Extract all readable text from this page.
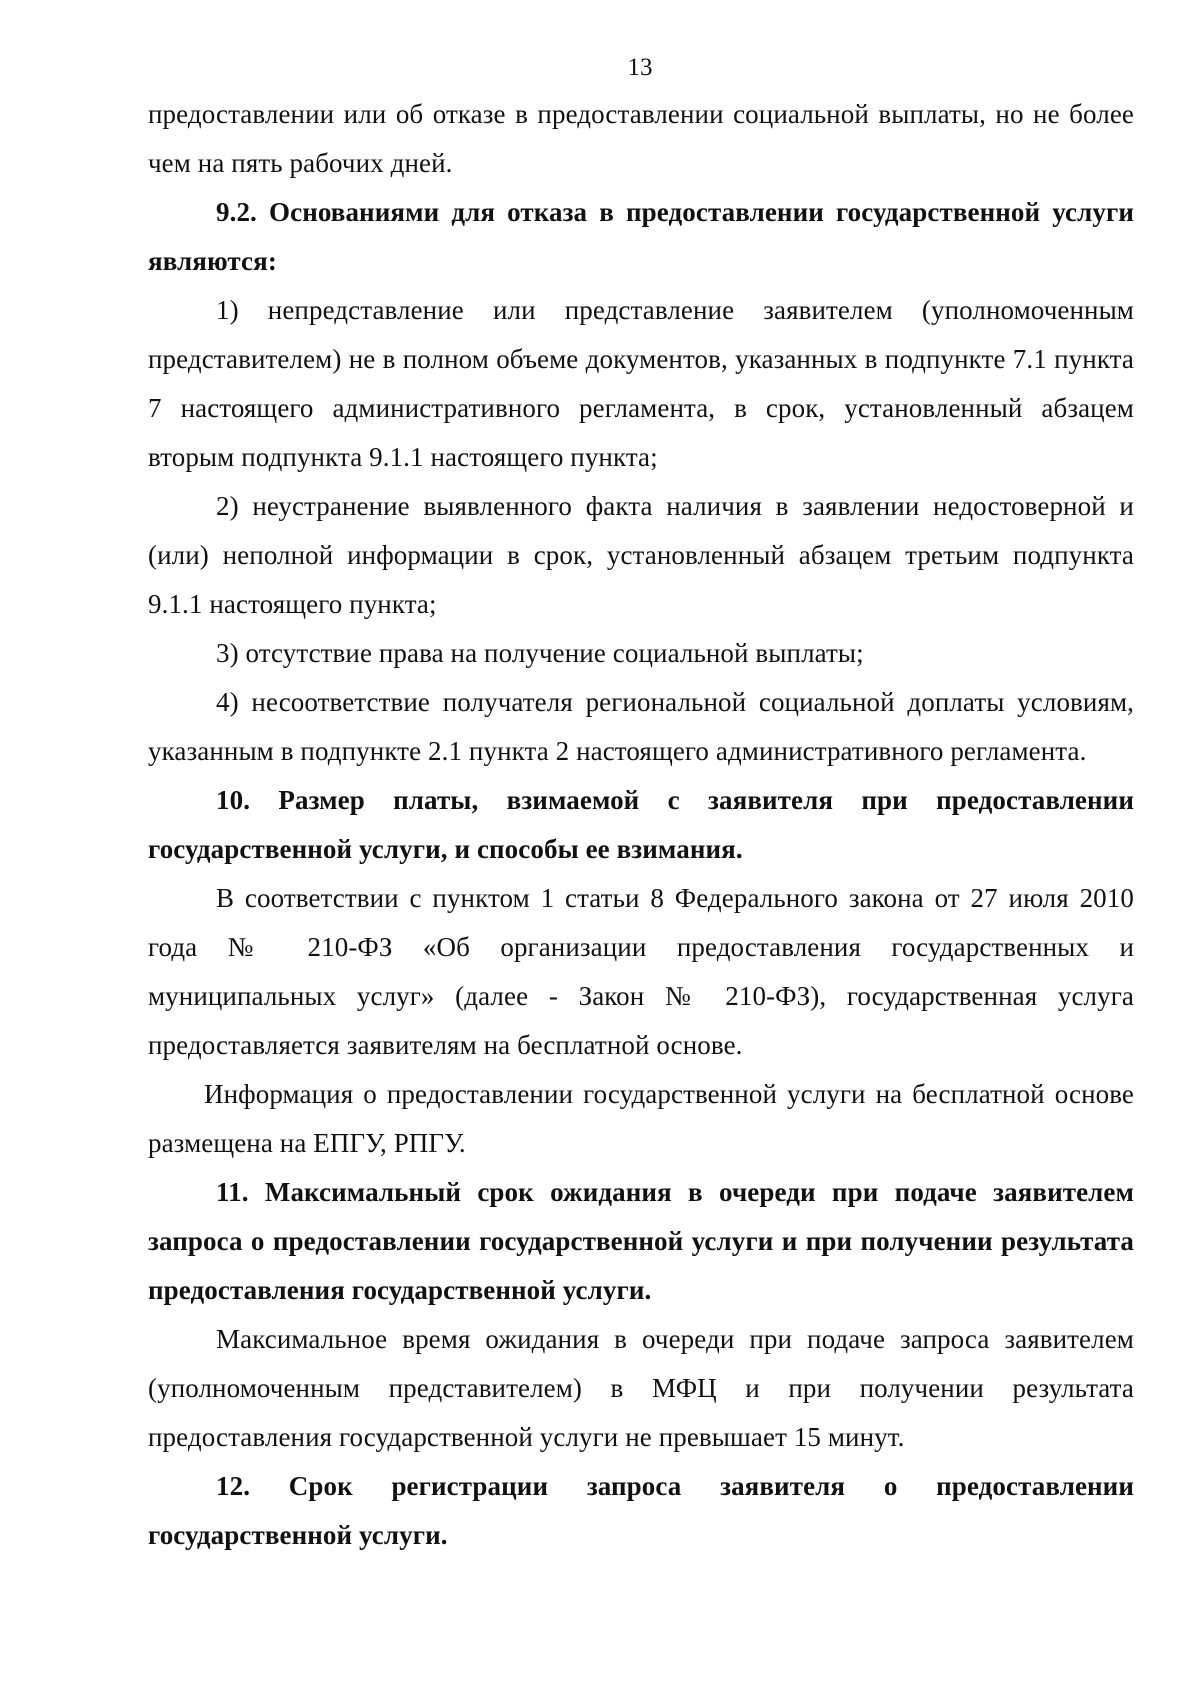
13

предоставлении или об отказе в предоставлении социальной выплаты, но не более чем на пять рабочих дней.

9.2. Основаниями для отказа в предоставлении государственной услуги являются:

1) непредставление или представление заявителем (уполномоченным представителем) не в полном объеме документов, указанных в подпункте 7.1 пункта 7 настоящего административного регламента, в срок, установленный абзацем вторым подпункта 9.1.1 настоящего пункта;

2) неустранение выявленного факта наличия в заявлении недостоверной и (или) неполной информации в срок, установленный абзацем третьим подпункта 9.1.1 настоящего пункта;

3) отсутствие права на получение социальной выплаты;

4) несоответствие получателя региональной социальной доплаты условиям, указанным в подпункте 2.1 пункта 2 настоящего административного регламента.

10. Размер платы, взимаемой с заявителя при предоставлении государственной услуги, и способы ее взимания.

В соответствии с пунктом 1 статьи 8 Федерального закона от 27 июля 2010 года № 210-ФЗ «Об организации предоставления государственных и муниципальных услуг» (далее - Закон № 210-ФЗ), государственная услуга предоставляется заявителям на бесплатной основе.

Информация о предоставлении государственной услуги на бесплатной основе размещена на ЕПГУ, РПГУ.

11. Максимальный срок ожидания в очереди при подаче заявителем запроса о предоставлении государственной услуги и при получении результата предоставления государственной услуги.

Максимальное время ожидания в очереди при подаче запроса заявителем (уполномоченным представителем) в МФЦ и при получении результата предоставления государственной услуги не превышает 15 минут.

12. Срок регистрации запроса заявителя о предоставлении государственной услуги.
